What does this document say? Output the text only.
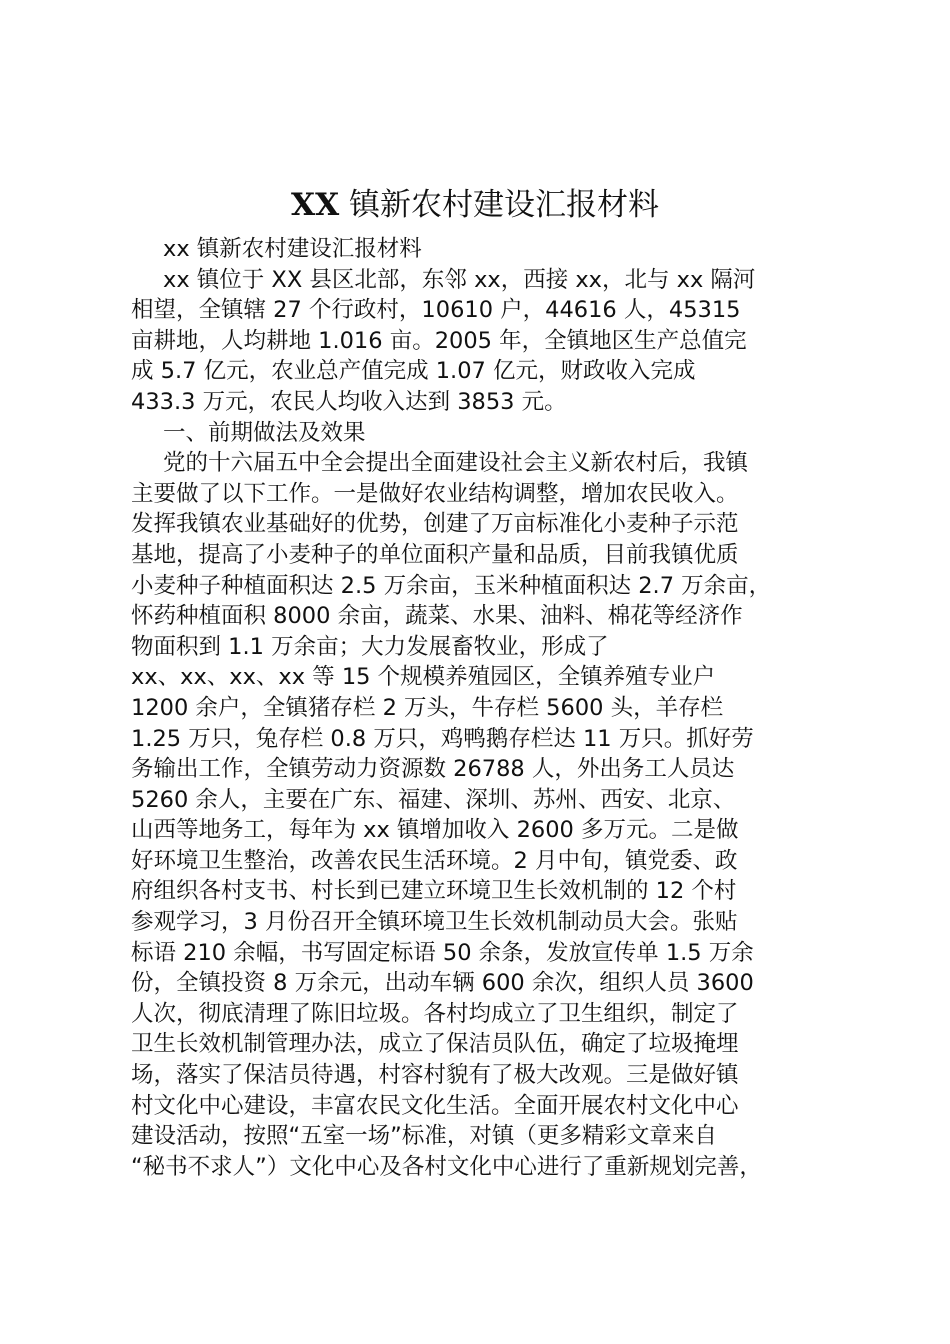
XX 镇新农村建设汇报材料
xx 镇新农村建设汇报材料
xx 镇位于 XX 县区北部，东邻 xx，西接 xx，北与 xx 隔河
相望，全镇辖 27 个行政村，10610 户，44616 人，45315
亩耕地，人均耕地 1.016 亩。2005 年，全镇地区生产总值完
成 5.7 亿元，农业总产值完成 1.07 亿元，财政收入完成
433.3 万元，农民人均收入达到 3853 元。
一、前期做法及效果
党的十六届五中全会提出全面建设社会主义新农村后，我镇
主要做了以下工作。一是做好农业结构调整，增加农民收入。
发挥我镇农业基础好的优势，创建了万亩标准化小麦种子示范
基地，提高了小麦种子的单位面积产量和品质，目前我镇优质
小麦种子种植面积达 2.5 万余亩，玉米种植面积达 2.7 万余亩，
怀药种植面积 8000 余亩，蔬菜、水果、油料、棉花等经济作
物面积到 1.1 万余亩；大力发展畜牧业，形成了
xx、xx、xx、xx 等 15 个规模养殖园区，全镇养殖专业户
1200 余户，全镇猪存栏 2 万头，牛存栏 5600 头，羊存栏
1.25 万只，兔存栏 0.8 万只，鸡鸭鹅存栏达 11 万只。抓好劳
务输出工作，全镇劳动力资源数 26788 人，外出务工人员达
5260 余人，主要在广东、福建、深圳、苏州、西安、北京、
山西等地务工，每年为 xx 镇增加收入 2600 多万元。二是做
好环境卫生整治，改善农民生活环境。2 月中旬，镇党委、政
府组织各村支书、村长到已建立环境卫生长效机制的 12 个村
参观学习，3 月份召开全镇环境卫生长效机制动员大会。张贴
标语 210 余幅，书写固定标语 50 余条，发放宣传单 1.5 万余
份，全镇投资 8 万余元，出动车辆 600 余次，组织人员 3600
人次，彻底清理了陈旧垃圾。各村均成立了卫生组织，制定了
卫生长效机制管理办法，成立了保洁员队伍，确定了垃圾掩埋
场，落实了保洁员待遇，村容村貌有了极大改观。三是做好镇
村文化中心建设，丰富农民文化生活。全面开展农村文化中心
建设活动，按照“五室一场”标准，对镇（更多精彩文章来自
“秘书不求人”）文化中心及各村文化中心进行了重新规划完善，
